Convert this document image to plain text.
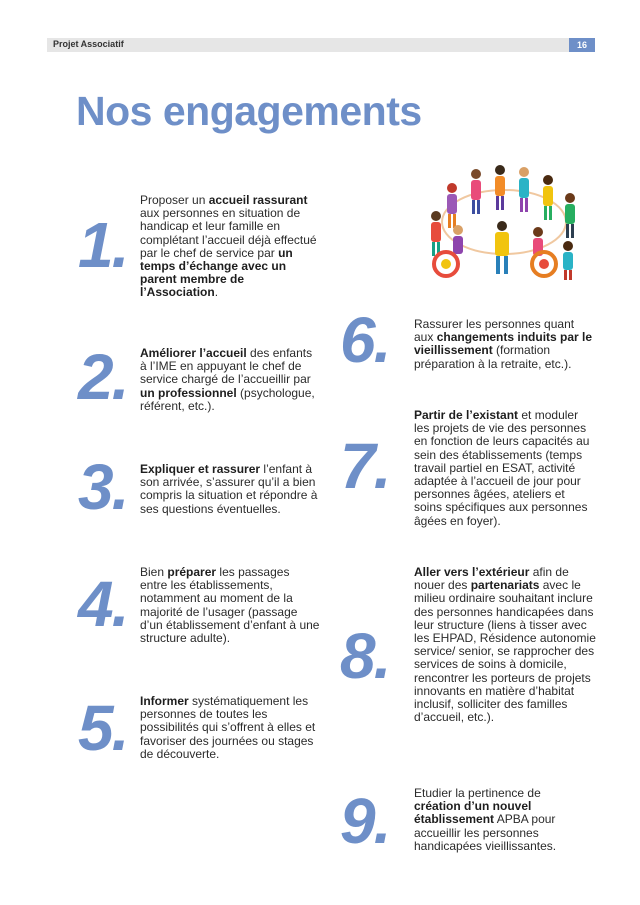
Projet Associatif	16
Nos engagements
1.
Proposer un accueil rassurant aux personnes en situation de handicap et leur famille en complétant l’accueil déjà effectué par le chef de service par un temps d’échange avec un parent membre de l’Association.
2. Améliorer l’accueil des enfants à l’IME en appuyant le chef de service chargé de l’accueillir par un professionnel (psychologue, référent, etc.).
3. Expliquer et rassurer l’enfant à son arrivée, s’assurer qu’il a bien compris la situation et répondre à ses questions éventuelles.
4. Bien préparer les passages entre les établissements, notamment au moment de la majorité de l’usager (passage d’un établissement d’enfant à une structure adulte).
5. Informer systématiquement les personnes de toutes les possibilités qui s’offrent à elles et favoriser des journées ou stages de découverte.
6. Rassurer les personnes quant aux changements induits par le vieillissement (formation préparation à la retraite, etc.).
7.
Partir de l’existant et moduler les projets de vie des personnes en fonction de leurs capacités au sein des établissements (temps travail partiel en ESAT, activité adaptée à l’accueil de jour pour personnes âgées, ateliers et soins spécifiques aux personnes âgées en foyer).
8.
Aller vers l’extérieur afin de nouer des partenariats avec le milieu ordinaire souhaitant inclure des personnes handicapées dans leur structure (liens à tisser avec les EHPAD, Résidence autonomie service/ senior, se rapprocher des services de soins à domicile, rencontrer les porteurs de projets innovants en matière d’habitat inclusif, solliciter des familles d’accueil, etc.).
9. Etudier la pertinence de création d’un nouvel établissement APBA pour accueillir les personnes handicapées vieillissantes.
